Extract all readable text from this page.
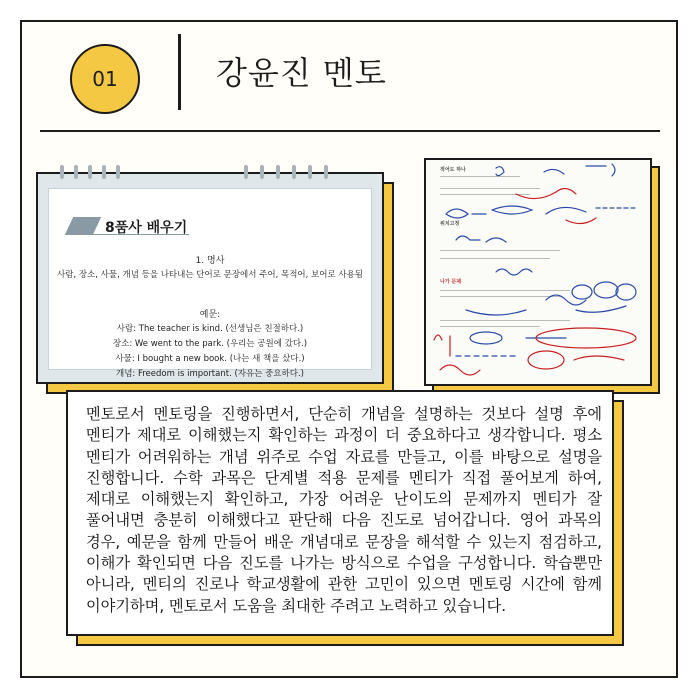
01	강윤진 멘토
8품사 배우기
1. 명사
사람, 장소, 사물, 개념 등을 나타내는 단어로 문장에서 주어, 목적어, 보어로 사용됨
예문:
사람: The teacher is kind. (선생님은 친절하다.)
장소: We went to the park. (우리는 공원에 갔다.)
사물: I bought a new book. (나는 새 책을 샀다.)
개념: Freedom is important. (자유는 중요하다.)
적어도 하나
위치고정
나가 문제

멘토로서 멘토링을 진행하면서, 단순히 개념을 설명하는 것보다 설명 후에 멘티가 제대로 이해했는지 확인하는 과정이 더 중요하다고 생각합니다. 평소 멘티가 어려워하는 개념 위주로 수업 자료를 만들고, 이를 바탕으로 설명을 진행합니다. 수학 과목은 단계별 적용 문제를 멘티가 직접 풀어보게 하여, 제대로 이해했는지 확인하고, 가장 어려운 난이도의 문제까지 멘티가 잘 풀어내면 충분히 이해했다고 판단해 다음 진도로 넘어갑니다. 영어 과목의 경우, 예문을 함께 만들어 배운 개념대로 문장을 해석할 수 있는지 점검하고, 이해가 확인되면 다음 진도를 나가는 방식으로 수업을 구성합니다. 학습뿐만 아니라, 멘티의 진로나 학교생활에 관한 고민이 있으면 멘토링 시간에 함께 이야기하며, 멘토로서 도움을 최대한 주려고 노력하고 있습니다.
